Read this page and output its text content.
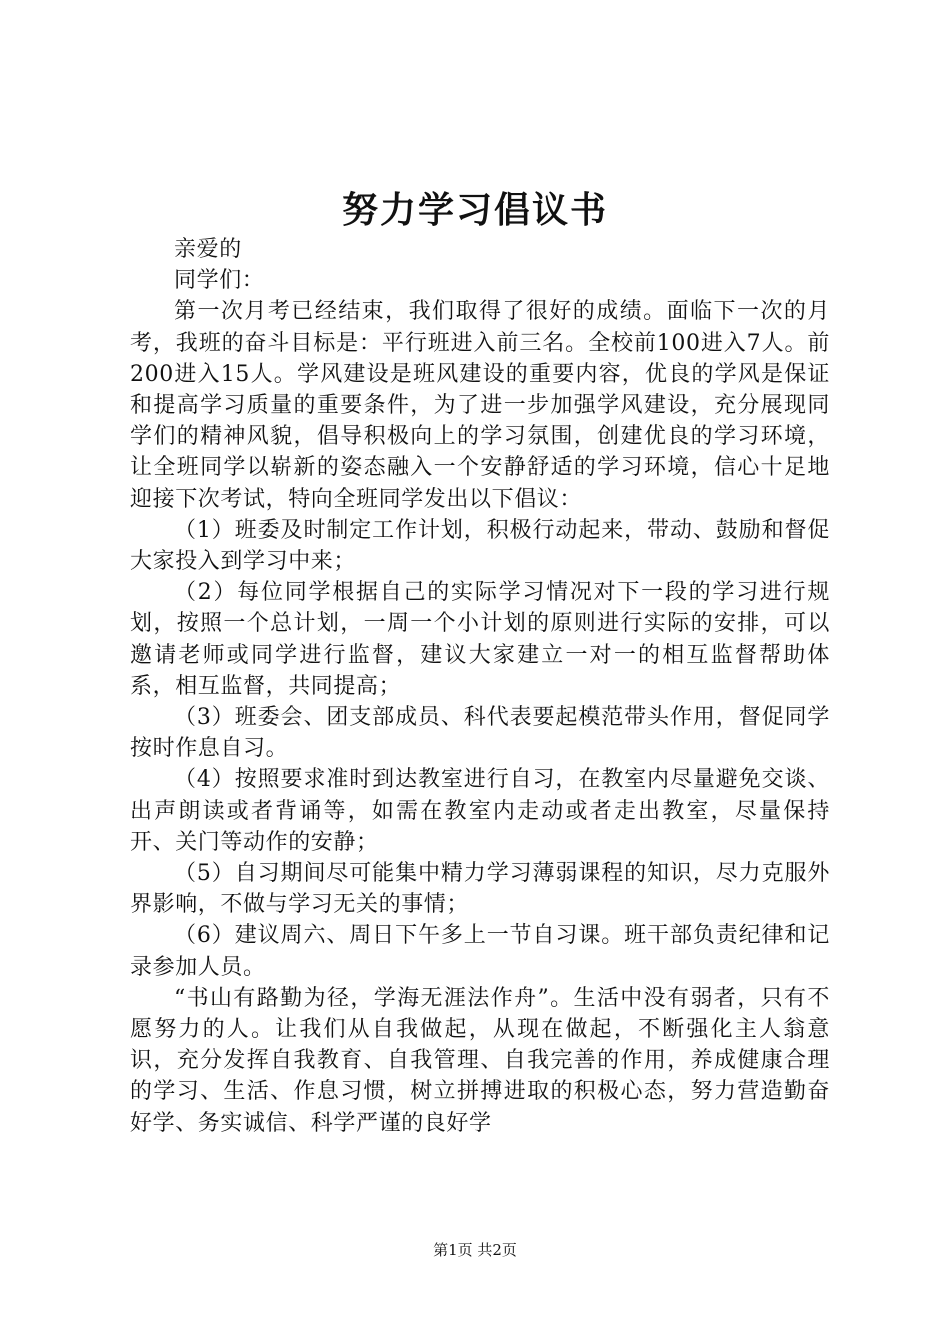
努力学习倡议书

亲爱的

同学们：

第一次月考已经结束，我们取得了很好的成绩。面临下一次的月考，我班的奋斗目标是：平行班进入前三名。全校前100进入7人。前200进入15人。学风建设是班风建设的重要内容，优良的学风是保证和提高学习质量的重要条件，为了进一步加强学风建设，充分展现同学们的精神风貌，倡导积极向上的学习氛围，创建优良的学习环境，让全班同学以崭新的姿态融入一个安静舒适的学习环境，信心十足地迎接下次考试，特向全班同学发出以下倡议：

（1）班委及时制定工作计划，积极行动起来，带动、鼓励和督促大家投入到学习中来；

（2）每位同学根据自己的实际学习情况对下一段的学习进行规划，按照一个总计划，一周一个小计划的原则进行实际的安排，可以邀请老师或同学进行监督，建议大家建立一对一的相互监督帮助体系，相互监督，共同提高；

（3）班委会、团支部成员、科代表要起模范带头作用，督促同学按时作息自习。

（4）按照要求准时到达教室进行自习，在教室内尽量避免交谈、出声朗读或者背诵等，如需在教室内走动或者走出教室，尽量保持开、关门等动作的安静；

（5）自习期间尽可能集中精力学习薄弱课程的知识，尽力克服外界影响，不做与学习无关的事情；

（6）建议周六、周日下午多上一节自习课。班干部负责纪律和记录参加人员。

“书山有路勤为径，学海无涯法作舟”。生活中没有弱者，只有不愿努力的人。让我们从自我做起，从现在做起，不断强化主人翁意识，充分发挥自我教育、自我管理、自我完善的作用，养成健康合理的学习、生活、作息习惯，树立拼搏进取的积极心态，努力营造勤奋好学、务实诚信、科学严谨的良好学

第1页 共2页
